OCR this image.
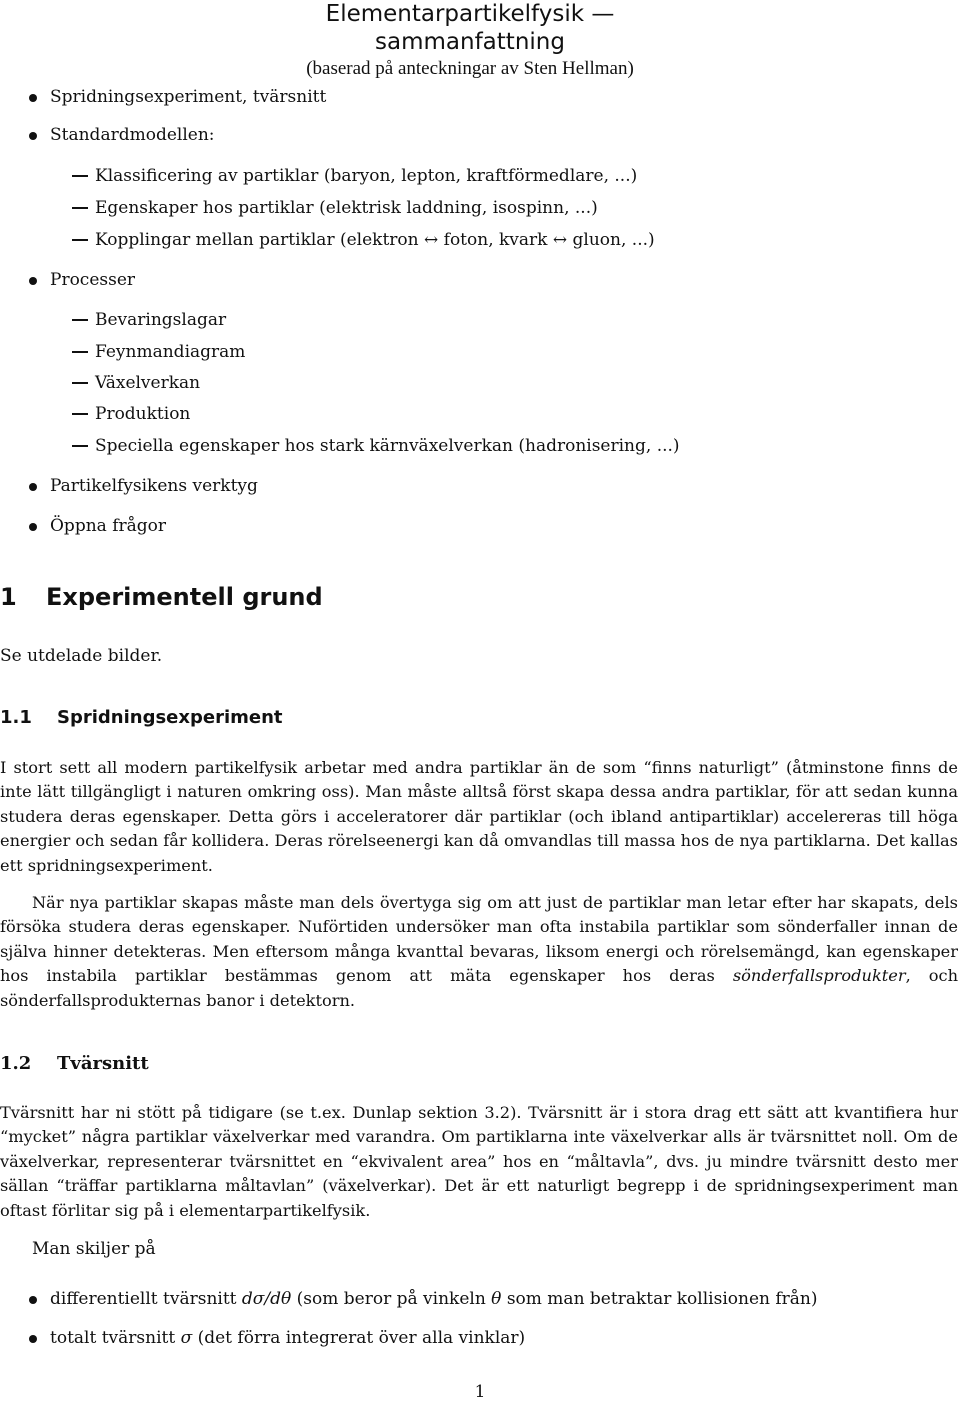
Elementarpartikelfysik — sammanfattning
(baserad på anteckningar av Sten Hellman)
Spridningsexperiment, tvärsnitt
Standardmodellen:
Klassificering av partiklar (baryon, lepton, kraftförmedlare, ...)
Egenskaper hos partiklar (elektrisk laddning, isospinn, ...)
Kopplingar mellan partiklar (elektron ↔ foton, kvark ↔ gluon, ...)
Processer
Bevaringslagar
Feynmandiagram
Växelverkan
Produktion
Speciella egenskaper hos stark kärnväxelverkan (hadronisering, ...)
Partikelfysikens verktyg
Öppna frågor
1 Experimentell grund
Se utdelade bilder.
1.1 Spridningsexperiment
I stort sett all modern partikelfysik arbetar med andra partiklar än de som “finns naturligt” (åtminstone finns de inte lätt tillgängligt i naturen omkring oss). Man måste alltså först skapa dessa andra partiklar, för att sedan kunna studera deras egenskaper. Detta görs i acceleratorer där partiklar (och ibland antipartiklar) accelereras till höga energier och sedan får kollidera. Deras rörelseenergi kan då omvandlas till massa hos de nya partiklarna. Det kallas ett spridningsexperiment.
När nya partiklar skapas måste man dels övertyga sig om att just de partiklar man letar efter har skapats, dels försöka studera deras egenskaper. Nuförtiden undersöker man ofta instabila partiklar som sönderfaller innan de själva hinner detekteras. Men eftersom många kvanttal bevaras, liksom energi och rörelsemängd, kan egenskaper hos instabila partiklar bestämmas genom att mäta egenskaper hos deras sönderfallsprodukter, och sönderfallsprodukternas banor i detektorn.
1.2 Tvärsnitt
Tvärsnitt har ni stött på tidigare (se t.ex. Dunlap sektion 3.2). Tvärsnitt är i stora drag ett sätt att kvantifiera hur “mycket” några partiklar växelverkar med varandra. Om partiklarna inte växelverkar alls är tvärsnittet noll. Om de växelverkar, representerar tvärsnittet en “ekvivalent area” hos en “måltavla”, dvs. ju mindre tvärsnitt desto mer sällan “träffar partiklarna måltavlan” (växelverkar). Det är ett naturligt begrepp i de spridningsexperiment man oftast förlitar sig på i elementarpartikelfysik.
Man skiljer på
differentiellt tvärsnitt dσ/dθ (som beror på vinkeln θ som man betraktar kollisionen från)
totalt tvärsnitt σ (det förra integrerat över alla vinklar)
1
